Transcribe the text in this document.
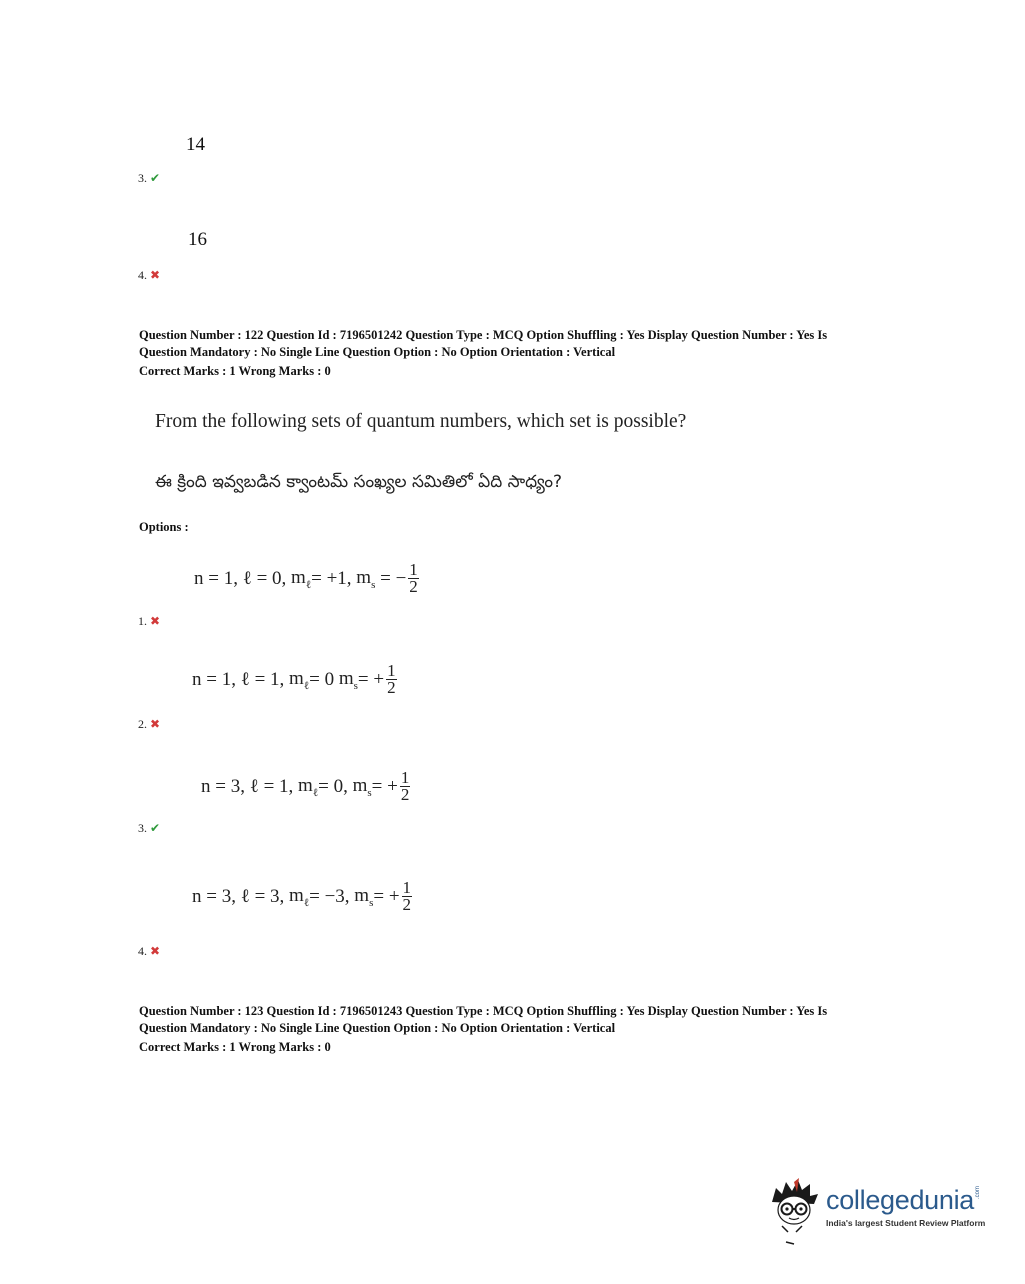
14
3. ✔
16
4. ✖
Question Number : 122 Question Id : 7196501242 Question Type : MCQ Option Shuffling : Yes Display Question Number : Yes Is
Question Mandatory : No Single Line Question Option : No Option Orientation : Vertical
Correct Marks : 1 Wrong Marks : 0
From the following sets of quantum numbers, which set is possible?
ఈ క్రింది ఇవ్వబడిన క్వాంటమ్ సంఖ్యల సమితిలో ఏది సాధ్యం?
Options :
n = 1,
ℓ = 0,
$m_\ell = +1$,
$m_s$
= − $\frac{1}{2}$
1. ✖
n = 1,
ℓ = 1,
$m_\ell = 0$
$m_s$ = + $\frac{1}{2}$
2. ✖
n = 3,
ℓ = 1,
$m_\ell = 0$,
$m_s$ = + $\frac{1}{2}$
3. ✔
n = 3,
ℓ = 3,
$m_\ell = -3$,
$m_s$ = + $\frac{1}{2}$
4. ✖
Question Number : 123 Question Id : 7196501243 Question Type : MCQ Option Shuffling : Yes Display Question Number : Yes Is
Question Mandatory : No Single Line Question Option : No Option Orientation : Vertical
Correct Marks : 1 Wrong Marks : 0
collegedunia .com
India's largest Student Review Platform
